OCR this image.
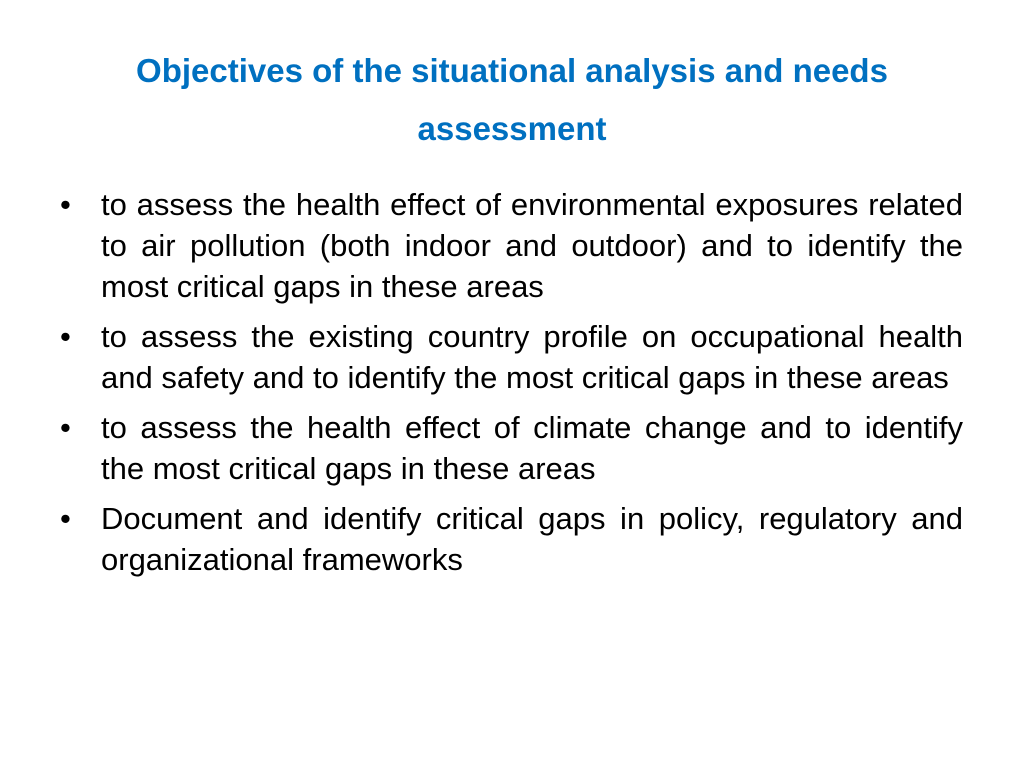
Objectives of the situational analysis and needs assessment
• to assess the health effect of environmental exposures related to air pollution (both indoor and outdoor) and to identify the most critical gaps in these areas
• to assess the existing country profile on occupational health and safety and to identify the most critical gaps in these areas
• to assess the health effect of climate change and to identify the most critical gaps in these areas
• Document and identify critical gaps in policy, regulatory and organizational frameworks
